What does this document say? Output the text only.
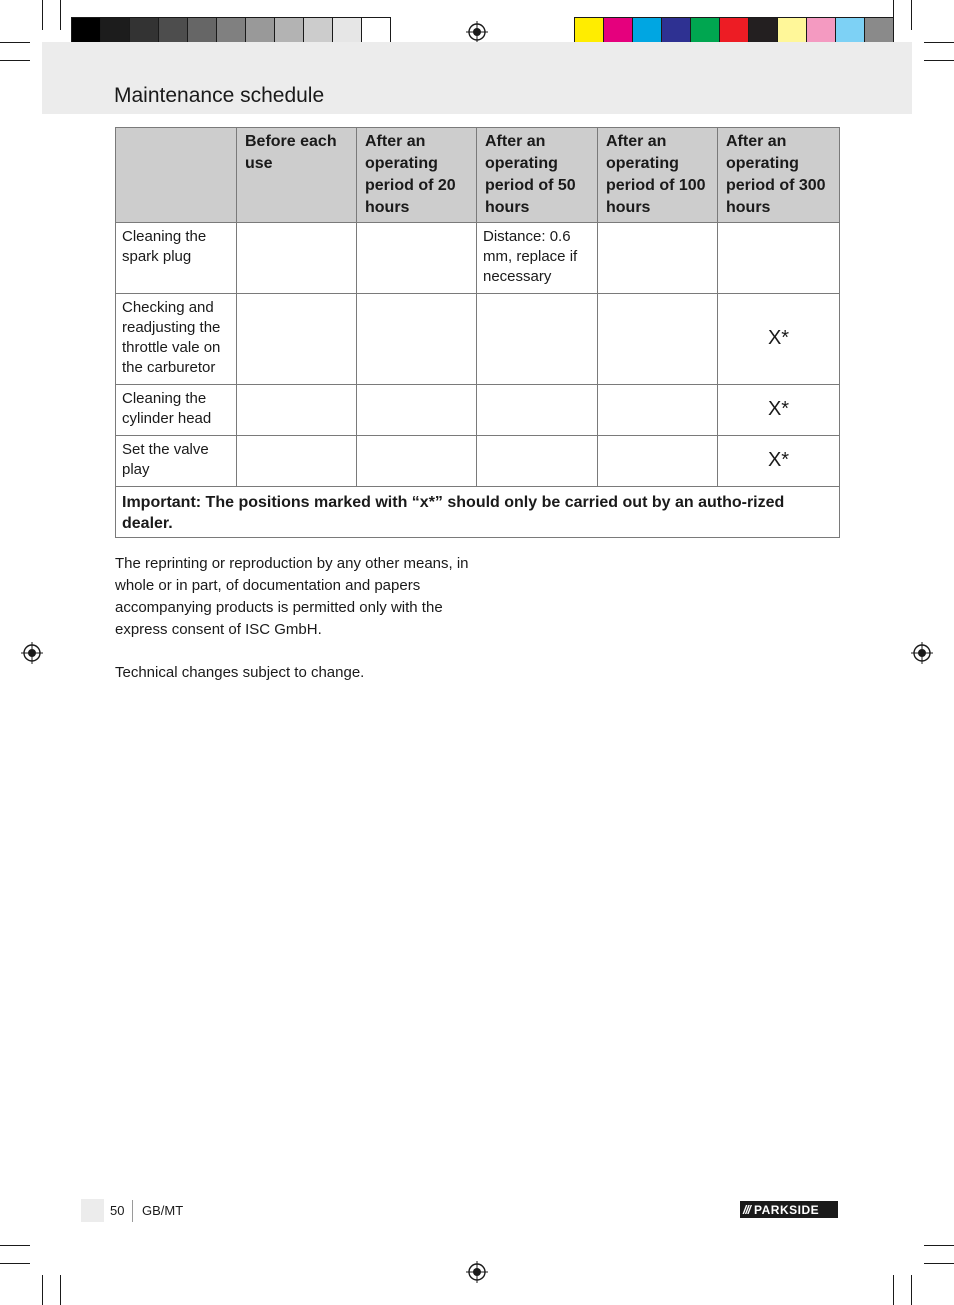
Maintenance schedule
	Before each use	After an operating period of 20 hours	After an operating period of 50 hours	After an operating period of 100 hours	After an operating period of 300 hours
Cleaning the spark plug			Distance: 0.6 mm, replace if necessary		
Checking and readjusting the throttle vale on the carburetor					X*
Cleaning the cylinder head					X*
Set the valve play					X*
Important: The positions marked with “x*” should only be carried out by an autho-rized dealer.					

The reprinting or reproduction by any other means, in whole or in part, of documentation and papers accompanying products is permitted only with the express consent of ISC GmbH.

Technical changes subject to change.

50 GB/MT	/// PARKSIDE
